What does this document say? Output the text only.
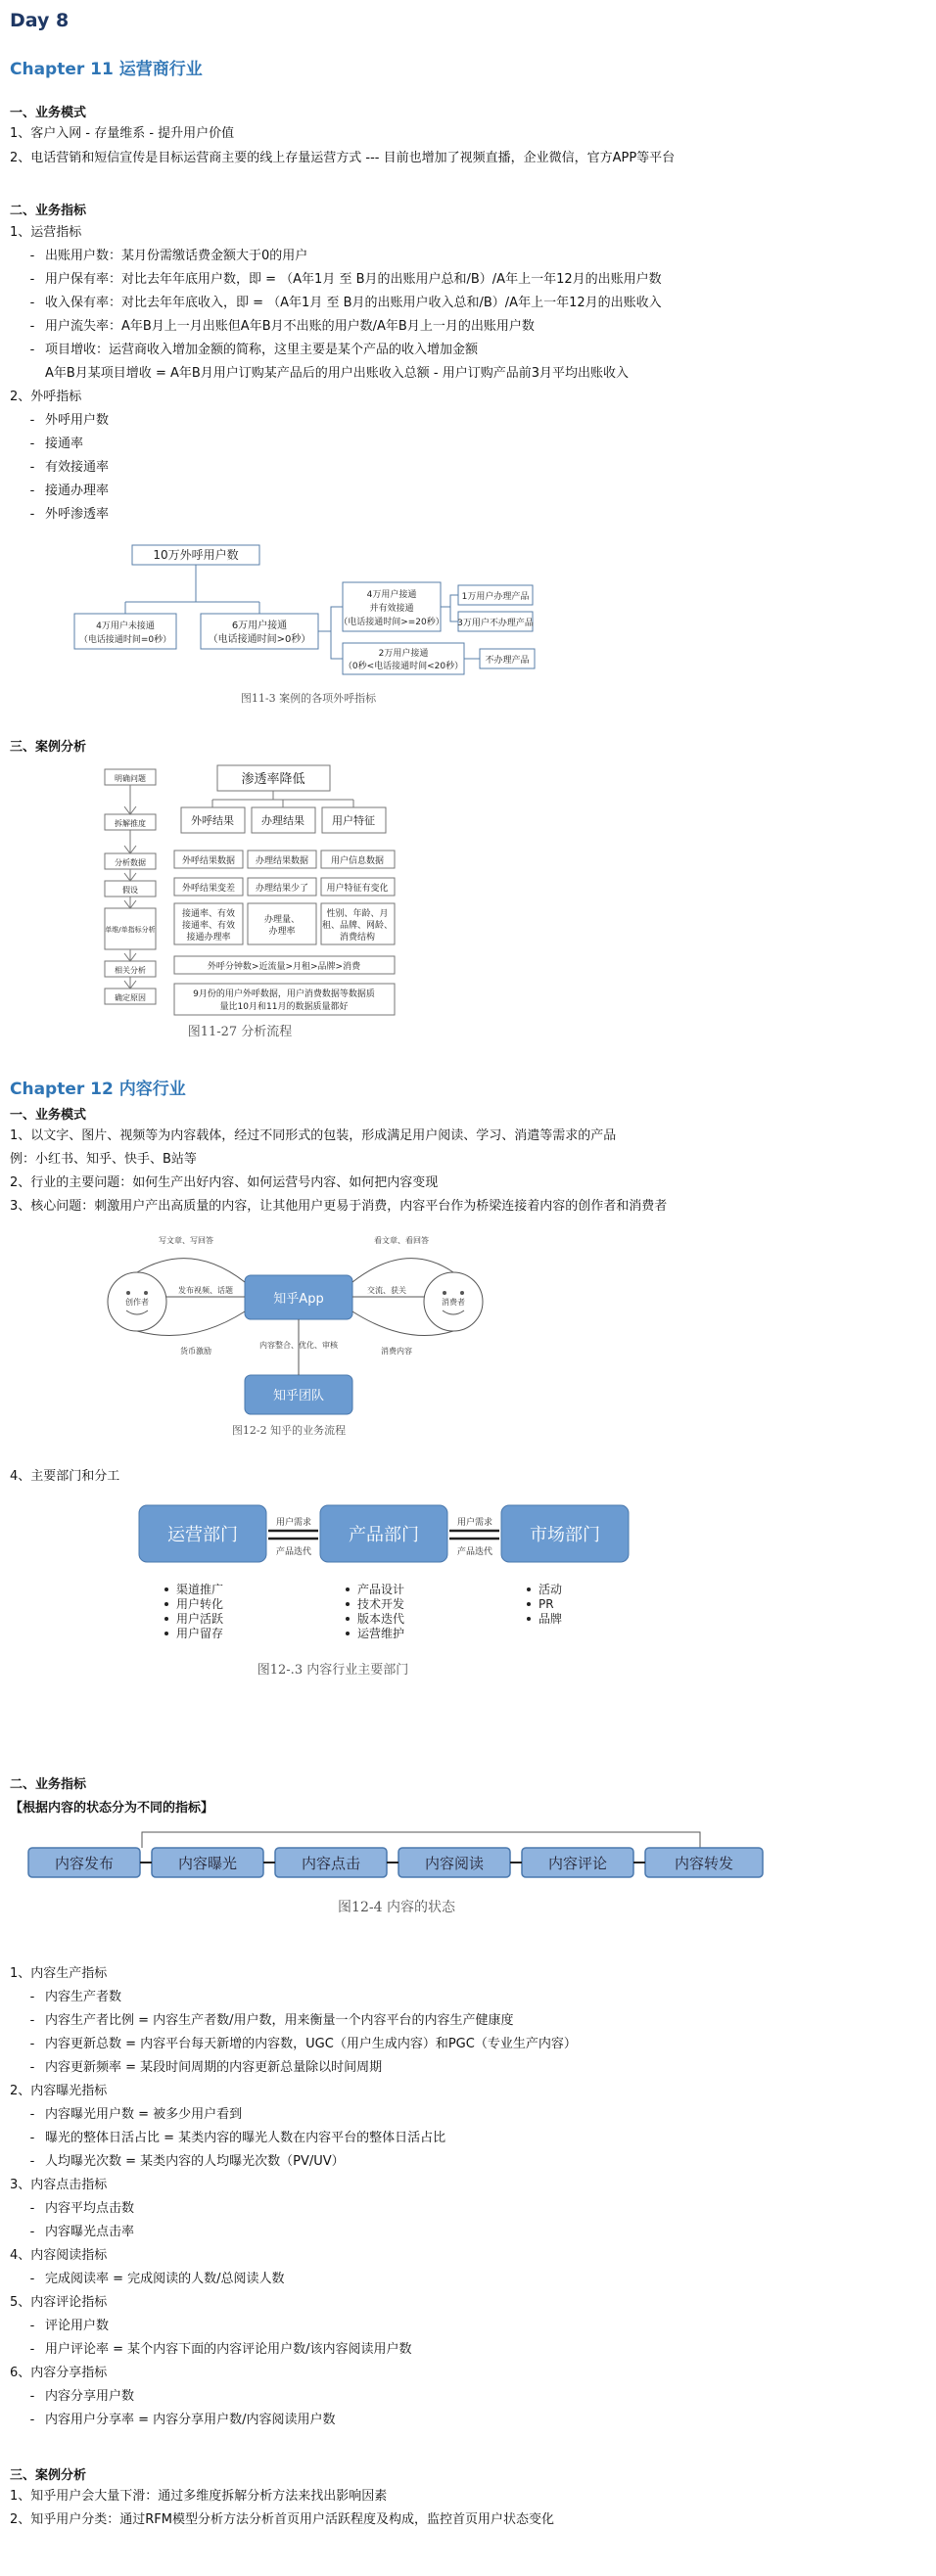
Day 8
Chapter 11 运营商行业
一、业务模式
1、客户入网 - 存量维系 - 提升用户价值
2、电话营销和短信宣传是目标运营商主要的线上存量运营方式 --- 目前也增加了视频直播，企业微信，官方APP等平台
二、业务指标
1、运营指标
- 出账用户数：某月份需缴话费金额大于0的用户
- 用户保有率：对比去年年底用户数，即 = （A年1月 至 B月的出账用户总和/B）/A年上一年12月的出账用户数
- 收入保有率：对比去年年底收入，即 = （A年1月 至 B月的出账用户收入总和/B）/A年上一年12月的出账收入
- 用户流失率：A年B月上一月出账但A年B月不出账的用户数/A年B月上一月的出账用户数
- 项目增收：运营商收入增加金额的简称，这里主要是某个产品的收入增加金额
A年B月某项目增收 = A年B月用户订购某产品后的用户出账收入总额 - 用户订购产品前3月平均出账收入
2、外呼指标
- 外呼用户数
- 接通率
- 有效接通率
- 接通办理率
- 外呼渗透率
10万外呼用户数
4万用户未接通
（电话接通时间=0秒）
6万用户接通
（电话接通时间>0秒）
4万用户接通
并有效接通
（电话接通时间>=20秒）
2万用户接通
（0秒<电话接通时间<20秒）
1万用户办理产品
3万用户不办理产品
不办理产品
图11-3 案例的各项外呼指标
三、案例分析
渗透率降低
外呼结果	办理结果	用户特征
明确问题
拆解推度
分析数据
假设
单维/单指标分析
相关分析
确定原因
外呼结果数据 办理结果数据	用户信息数据
外呼结果变差 办理结果少了 用户特征有变化
接通率、有效
接通率、有效
接通办理率
办理量、
办理率
性别、年龄、月
租、品牌、网龄、
消费结构
外呼分钟数>近流量>月租>品牌>消费
9月份的用户外呼数据，用户消费数据等数据质
量比10月和11月的数据质量都好
图11-27 分析流程
Chapter 12 内容行业
一、业务模式
1、以文字、图片、视频等为内容载体，经过不同形式的包装，形成满足用户阅读、学习、消遣等需求的产品
例：小红书、知乎、快手、B站等
2、行业的主要问题：如何生产出好内容、如何运营号内容、如何把内容变现
3、核心问题：刺激用户产出高质量的内容，让其他用户更易于消费，内容平台作为桥梁连接着内容的创作者和消费者
知乎App
知乎团队
创作者	消费者
写文章、写回答
发布视频、话题
货币激励
看文章、看回答
交流、获关
消费内容
内容整合、优化、审核
图12-2 知乎的业务流程
4、主要部门和分工
运营部门	产品部门	市场部门
用户需求
产品迭代
用户需求
产品迭代
渠道推广
用户转化
用户活跃
用户留存
产品设计
技术开发
版本迭代
运营维护
活动
PR
品牌
图12-.3 内容行业主要部门
二、业务指标
【根据内容的状态分为不同的指标】
内容发布	内容曝光	内容点击	内容阅读	内容评论	内容转发
图12-4 内容的状态
1、内容生产指标
- 内容生产者数
- 内容生产者比例 = 内容生产者数/用户数，用来衡量一个内容平台的内容生产健康度
- 内容更新总数 = 内容平台每天新增的内容数，UGC（用户生成内容）和PGC（专业生产内容）
- 内容更新频率 = 某段时间周期的内容更新总量除以时间周期
2、内容曝光指标
- 内容曝光用户数 = 被多少用户看到
- 曝光的整体日活占比 = 某类内容的曝光人数在内容平台的整体日活占比
- 人均曝光次数 = 某类内容的人均曝光次数（PV/UV）
3、内容点击指标
- 内容平均点击数
- 内容曝光点击率
4、内容阅读指标
- 完成阅读率 = 完成阅读的人数/总阅读人数
5、内容评论指标
- 评论用户数
- 用户评论率 = 某个内容下面的内容评论用户数/该内容阅读用户数
6、内容分享指标
- 内容分享用户数
- 内容用户分享率 = 内容分享用户数/内容阅读用户数
三、案例分析
1、知乎用户会大量下滑：通过多维度拆解分析方法来找出影响因素
2、知乎用户分类：通过RFM模型分析方法分析首页用户活跃程度及构成，监控首页用户状态变化
